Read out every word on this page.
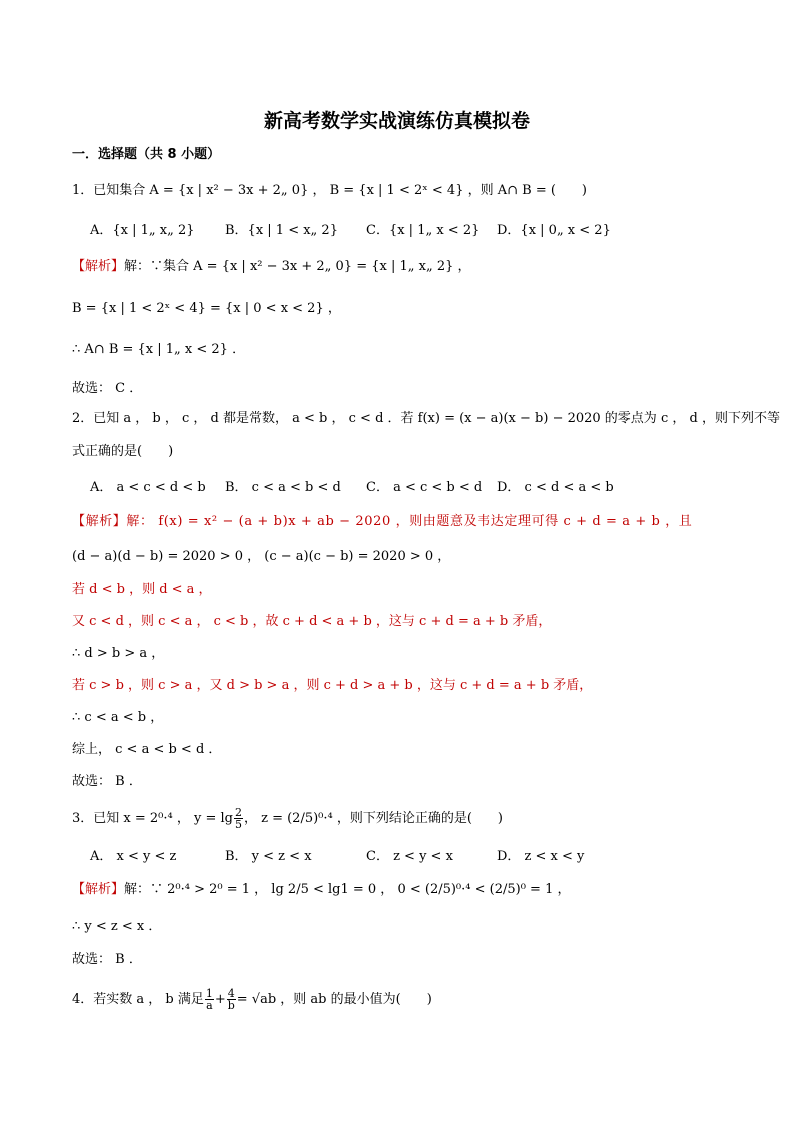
新高考数学实战演练仿真模拟卷
一．选择题（共 8 小题）
1．已知集合 A = {x | x² − 3x + 2„ 0} ， B = {x | 1 < 2ˣ < 4} ，则 A∩ B = (　　)
A．{x | 1„ x„ 2} B．{x | 1 < x„ 2} C．{x | 1„ x < 2} D．{x | 0„ x < 2}
【解析】解：∵集合 A = {x | x² − 3x + 2„ 0} = {x | 1„ x„ 2} ，
B = {x | 1 < 2ˣ < 4} = {x | 0 < x < 2} ，
∴ A∩ B = {x | 1„ x < 2} ．
故选： C ．
2．已知 a ， b ， c ， d 都是常数， a < b ， c < d ．若 f(x) = (x − a)(x − b) − 2020 的零点为 c ， d ，则下列不等
式正确的是(　　)
A． a < c < d < b B． c < a < b < d C． a < c < b < d D． c < d < a < b
【解析】解： f(x) = x² − (a + b)x + ab − 2020 ，则由题意及韦达定理可得 c + d = a + b ，且
(d − a)(d − b) = 2020 > 0 ， (c − a)(c − b) = 2020 > 0 ，
若 d < b ，则 d < a ，
又 c < d ，则 c < a ， c < b ，故 c + d < a + b ，这与 c + d = a + b 矛盾，
∴ d > b > a ，
若 c > b ，则 c > a ，又 d > b > a ，则 c + d > a + b ，这与 c + d = a + b 矛盾，
∴ c < a < b ，
综上， c < a < b < d ．
故选： B ．
3．已知 x = 2⁰·⁴ ， $y = \lg \frac{2}{5}$ ， z = (2/5)⁰·⁴ ，则下列结论正确的是(　　)
A． x < y < z	B． y < z < x	C． z < y < x	D． z < x < y
【解析】解：∵ 2⁰·⁴ > 2⁰ = 1 ， lg 2/5 < lg1 = 0 ， 0 < (2/5)⁰·⁴ < (2/5)⁰ = 1 ，
∴ y < z < x ．
故选： B ．
4．若实数 a ， b 满足 $\frac{1}{a} + \frac{4}{b} = √ab$ ，则 ab 的最小值为(　　)
